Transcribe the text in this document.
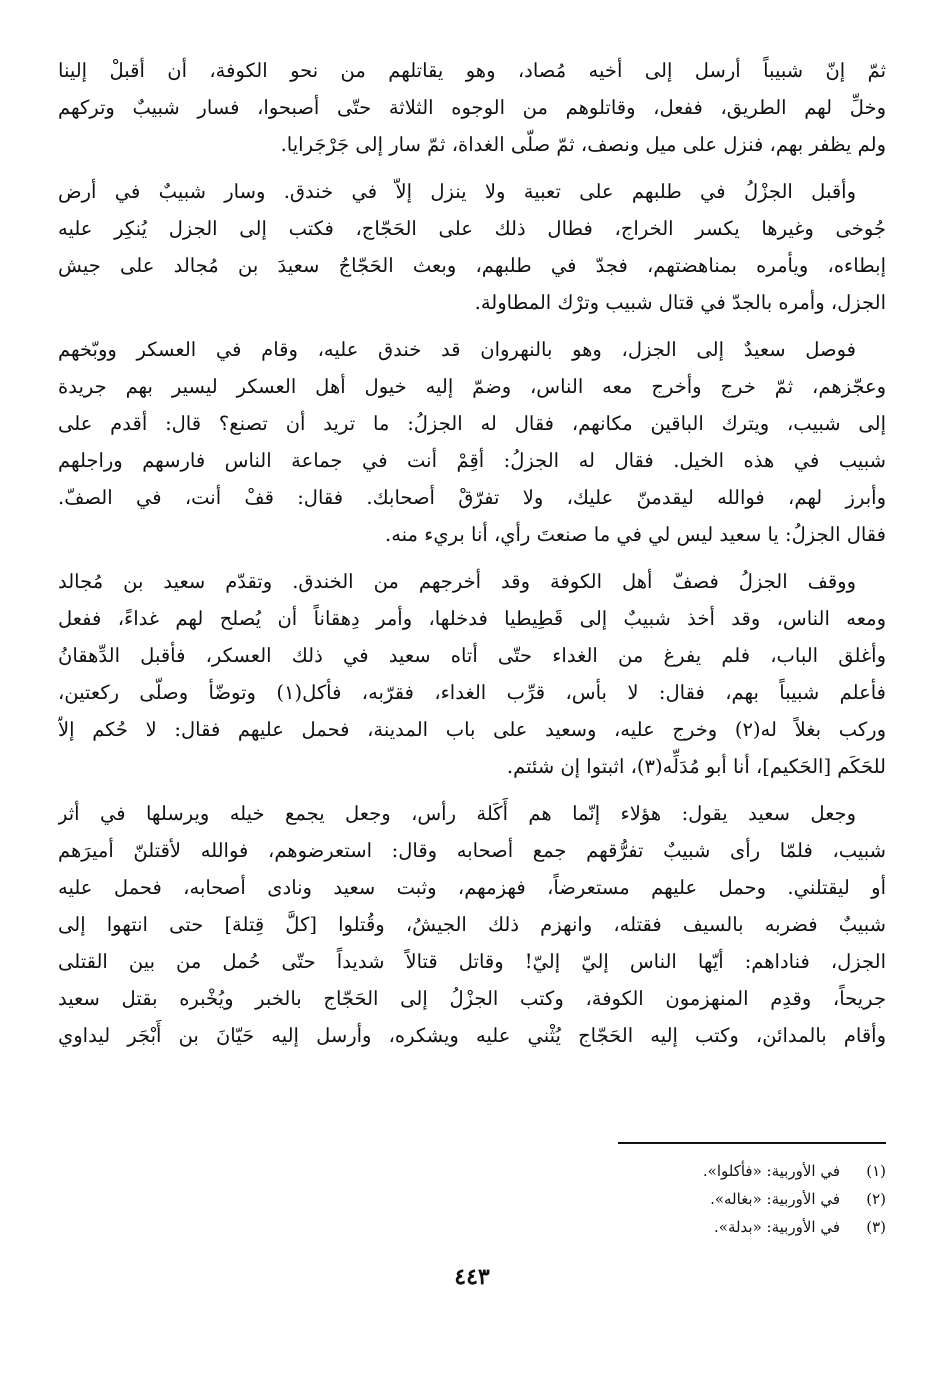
ثمّ إنّ شبيباً أرسل إلى أخيه مُصاد، وهو يقاتلهم من نحو الكوفة، أن أقبلْ إلينا
وخلِّ لهم الطريق، ففعل، وقاتلوهم من الوجوه الثلاثة حتّى أصبحوا، فسار شبيبٌ وتركهم
ولم يظفر بهم، فنزل على ميل ونصف، ثمّ صلّى الغداة، ثمّ سار إلى جَرْجَرايا.

وأقبل الجزْلُ في طلبهم على تعبية ولا ينزل إلاّ في خندق. وسار شبيبٌ في أرض
جُوخى وغيرها يكسر الخراج، فطال ذلك على الحَجّاج، فكتب إلى الجزل يُنكِر عليه
إبطاءه، ويأمره بمناهضتهم، فجدّ في طلبهم، وبعث الحَجّاجُ سعيدَ بن مُجالد على جيش
الجزل، وأمره بالجدّ في قتال شبيب وترْك المطاولة.

فوصل سعيدٌ إلى الجزل، وهو بالنهروان قد خندق عليه، وقام في العسكر ووبّخهم
وعجّزهم، ثمّ خرج وأخرج معه الناس، وضمّ إليه خيول أهل العسكر ليسير بهم جريدة
إلى شبيب، ويترك الباقين مكانهم، فقال له الجزلُ: ما تريد أن تصنع؟ قال: أقدم على
شبيب في هذه الخيل. فقال له الجزلُ: أقِمْ أنت في جماعة الناس فارسهم وراجلهم
وأبرز لهم، فوالله ليقدمنّ عليك، ولا تفرّقْ أصحابك. فقال: قفْ أنت، في الصفّ.
فقال الجزلُ: يا سعيد ليس لي في ما صنعتَ رأي، أنا بريء منه.

ووقف الجزلُ فصفّ أهل الكوفة وقد أخرجهم من الخندق. وتقدّم سعيد بن مُجالد
ومعه الناس، وقد أخذ شبيبٌ إلى قَطِيطيا فدخلها، وأمر دِهقاناً أن يُصلح لهم غداءً، ففعل
وأغلق الباب، فلم يفرغ من الغداء حتّى أتاه سعيد في ذلك العسكر، فأقبل الدِّهقانُ
فأعلم شبيباً بهم، فقال: لا بأس، قرِّب الغداء، فقرّبه، فأكل(١) وتوضّأ وصلّى ركعتين،
وركب بغلاً له(٢) وخرج عليه، وسعيد على باب المدينة، فحمل عليهم فقال: لا حُكم إلاّ
للحَكَم [الحَكيم]، أنا أبو مُدَلِّه(٣)، اثبتوا إن شئتم.

وجعل سعيد يقول: هؤلاء إنّما هم أَكَلة رأس، وجعل يجمع خيله ويرسلها في أثر
شبيب، فلمّا رأى شبيبٌ تفرُّقهم جمع أصحابه وقال: استعرضوهم، فوالله لأقتلنّ أميرَهم
أو ليقتلني. وحمل عليهم مستعرضاً، فهزمهم، وثبت سعيد ونادى أصحابه، فحمل عليه
شبيبٌ فضربه بالسيف فقتله، وانهزم ذلك الجيشُ، وقُتلوا [كلَّ قِتلة] حتى انتهوا إلى
الجزل، فناداهم: أيّها الناس إليّ إليّ! وقاتل قتالاً شديداً حتّى حُمل من بين القتلى
جريحاً، وقدِم المنهزمون الكوفة، وكتب الجزْلُ إلى الحَجّاج بالخبر ويُخْبره بقتل سعيد
وأقام بالمدائن، وكتب إليه الحَجّاج يُثْني عليه ويشكره، وأرسل إليه حَيّانَ بن أَبْجَر ليداوي

(١)في الأوربية: «فأكلوا».
(٢)في الأوربية: «بغاله».
(٣)في الأوربية: «بدلة».
٤٤٣
